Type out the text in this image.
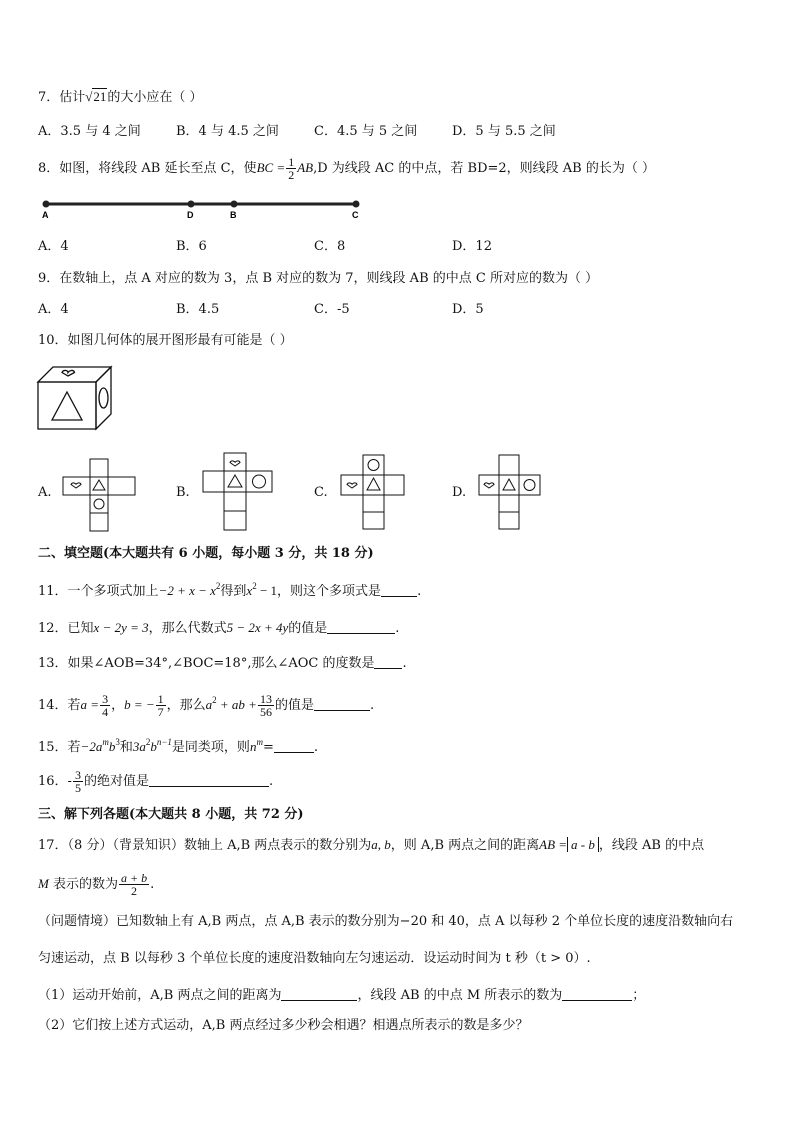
7．估计√21的大小应在（ ）
A．3.5 与 4 之间	B．4 与 4.5 之间	C．4.5 与 5 之间	D．5 与 5.5 之间
8．如图，将线段 AB 延长至点 C，使BC = $\frac{1}{2} AB,D$ 为线段 AC 的中点，若 BD=2，则线段 AB 的长为（ ）
A	D	B	C
A．4	B．6	C．8	D．12
9．在数轴上，点 A 对应的数为 3，点 B 对应的数为 7，则线段 AB 的中点 C 所对应的数为（ ）
A．4	B．4.5	C．-5	D．5
10．如图几何体的展开图形最有可能是（ ）
A.	B.	C.	D.
二、填空题(本大题共有 6 小题，每小题 3 分，共 18 分)
11．一个多项式加上$-2 + x - x^2$得到$x^2 - 1$，则这个多项式是	.
12．已知x − 2y = 3，那么代数式5 − 2x + 4y的值是	.
13．如果∠AOB=34°,∠BOC=18°,那么∠AOC 的度数是 .
14．若$a = \frac{3}{4}$ ，b = − $\frac{1}{7}$ ，那么$a^2$ + ab + $\frac{13}{56}$ 的值是	.
15．若$-2a^mb^3$和$3a^2b^{n-1}$是同类项，则$n^m=$	.
16．- $\frac{3}{5}$ 的绝对值是	.
三、解下列各题(本大题共 8 小题，共 72 分)
17．（8 分）（背景知识）数轴上 A,B 两点表示的数分别为a, b，则 A,B 两点之间的距离AB = a - b ，线段 AB 的中点
M 表示的数为 $\frac{a + b}{2}$ .
（问题情境）已知数轴上有 A,B 两点，点 A,B 表示的数分别为−20 和 40，点 A 以每秒 2 个单位长度的速度沿数轴向右
匀速运动，点 B 以每秒 3 个单位长度的速度沿数轴向左匀速运动．设运动时间为 t 秒（t > 0）.
（1）运动开始前，A,B 两点之间的距离为	，线段 AB 的中点 M 所表示的数为	；
（2）它们按上述方式运动，A,B 两点经过多少秒会相遇？相遇点所表示的数是多少？
